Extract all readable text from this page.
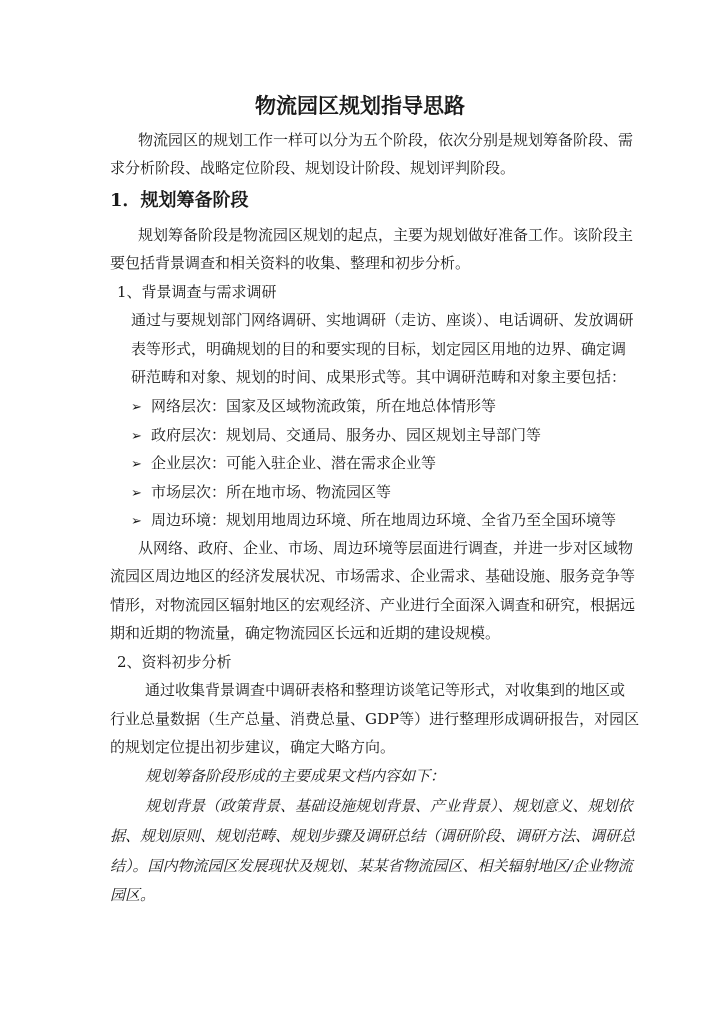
物流园区规划指导思路
物流园区的规划工作一样可以分为五个阶段，依次分别是规划筹备阶段、需
求分析阶段、战略定位阶段、规划设计阶段、规划评判阶段。
1．规划筹备阶段
规划筹备阶段是物流园区规划的起点，主要为规划做好准备工作。该阶段主
要包括背景调查和相关资料的收集、整理和初步分析。
1、背景调查与需求调研
通过与要规划部门网络调研、实地调研（走访、座谈）、电话调研、发放调研
表等形式，明确规划的目的和要实现的目标，划定园区用地的边界、确定调
研范畴和对象、规划的时间、成果形式等。其中调研范畴和对象主要包括：
➢ 网络层次：国家及区域物流政策，所在地总体情形等
➢ 政府层次：规划局、交通局、服务办、园区规划主导部门等
➢ 企业层次：可能入驻企业、潜在需求企业等
➢ 市场层次：所在地市场、物流园区等
➢ 周边环境：规划用地周边环境、所在地周边环境、全省乃至全国环境等
从网络、政府、企业、市场、周边环境等层面进行调查，并进一步对区域物
流园区周边地区的经济发展状况、市场需求、企业需求、基础设施、服务竞争等
情形，对物流园区辐射地区的宏观经济、产业进行全面深入调查和研究，根据远
期和近期的物流量，确定物流园区长远和近期的建设规模。
2、资料初步分析
通过收集背景调查中调研表格和整理访谈笔记等形式，对收集到的地区或
行业总量数据（生产总量、消费总量、GDP等）进行整理形成调研报告，对园区
的规划定位提出初步建议，确定大略方向。
规划筹备阶段形成的主要成果文档内容如下：
规划背景（政策背景、基础设施规划背景、产业背景）、规划意义、规划依
据、规划原则、规划范畴、规划步骤及调研总结（调研阶段、调研方法、调研总
结）。国内物流园区发展现状及规划、某某省物流园区、相关辐射地区/企业物流
园区。
